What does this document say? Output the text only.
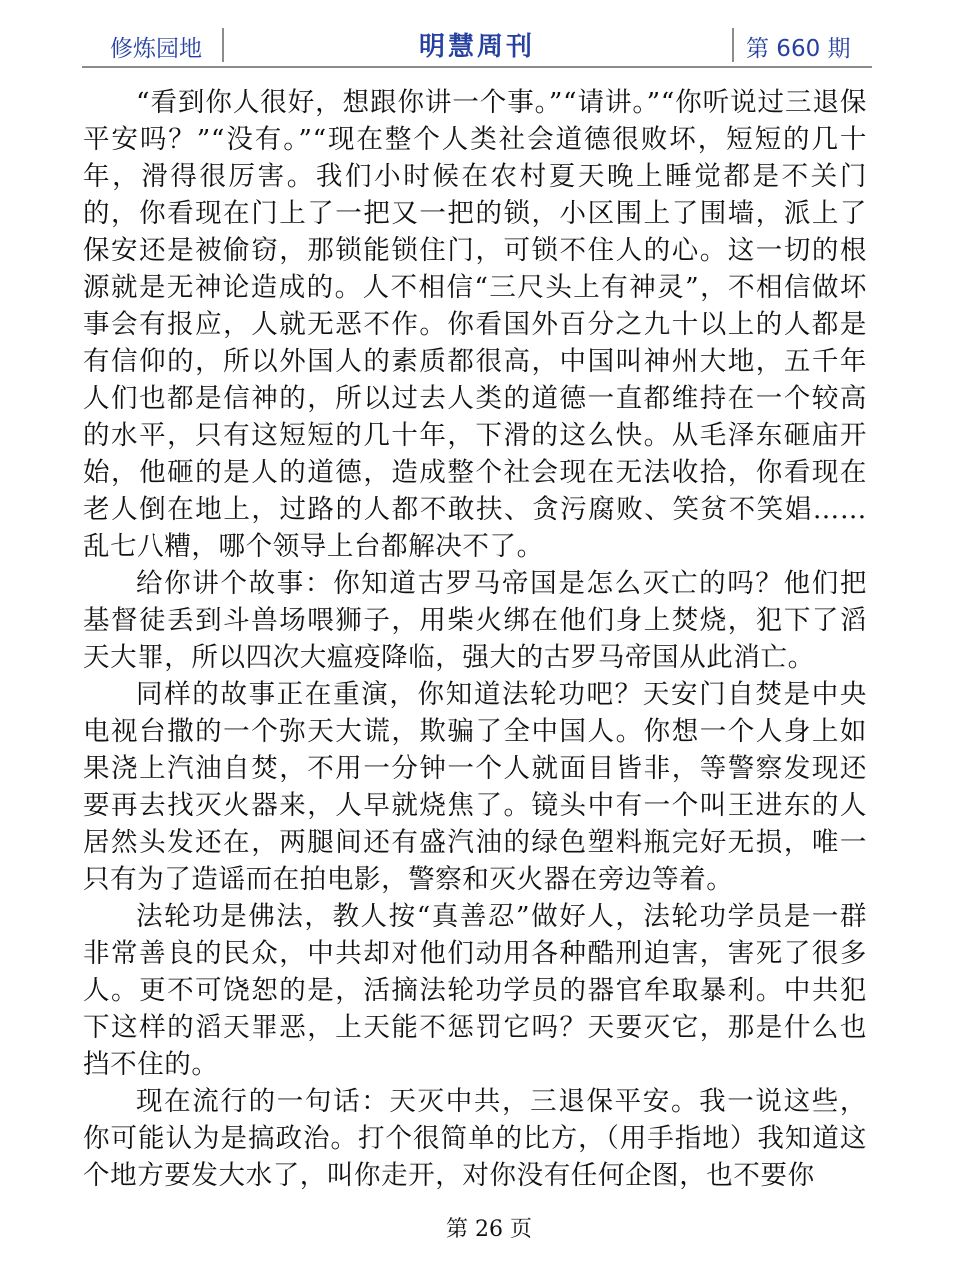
修炼园地	明慧周刊	第 660 期

“看到你人很好，想跟你讲一个事。”“请讲。”“你听说过三退保平安吗？”“没有。”“现在整个人类社会道德很败坏，短短的几十年，滑得很厉害。我们小时候在农村夏天晚上睡觉都是不关门的，你看现在门上了一把又一把的锁，小区围上了围墙，派上了保安还是被偷窃，那锁能锁住门，可锁不住人的心。这一切的根源就是无神论造成的。人不相信“三尺头上有神灵”，不相信做坏事会有报应，人就无恶不作。你看国外百分之九十以上的人都是有信仰的，所以外国人的素质都很高，中国叫神州大地，五千年人们也都是信神的，所以过去人类的道德一直都维持在一个较高的水平，只有这短短的几十年，下滑的这么快。从毛泽东砸庙开始，他砸的是人的道德，造成整个社会现在无法收拾，你看现在老人倒在地上，过路的人都不敢扶、贪污腐败、笑贫不笑娼……乱七八糟，哪个领导上台都解决不了。

给你讲个故事：你知道古罗马帝国是怎么灭亡的吗？他们把基督徒丢到斗兽场喂狮子，用柴火绑在他们身上焚烧，犯下了滔天大罪，所以四次大瘟疫降临，强大的古罗马帝国从此消亡。

同样的故事正在重演，你知道法轮功吧？天安门自焚是中央电视台撒的一个弥天大谎，欺骗了全中国人。你想一个人身上如果浇上汽油自焚，不用一分钟一个人就面目皆非，等警察发现还要再去找灭火器来，人早就烧焦了。镜头中有一个叫王进东的人居然头发还在，两腿间还有盛汽油的绿色塑料瓶完好无损，唯一只有为了造谣而在拍电影，警察和灭火器在旁边等着。

法轮功是佛法，教人按“真善忍”做好人，法轮功学员是一群非常善良的民众，中共却对他们动用各种酷刑迫害，害死了很多人。更不可饶恕的是，活摘法轮功学员的器官牟取暴利。中共犯下这样的滔天罪恶，上天能不惩罚它吗？天要灭它，那是什么也挡不住的。

现在流行的一句话：天灭中共，三退保平安。我一说这些，你可能认为是搞政治。打个很简单的比方，（用手指地）我知道这个地方要发大水了，叫你走开，对你没有任何企图，也不要你

第 26 页
